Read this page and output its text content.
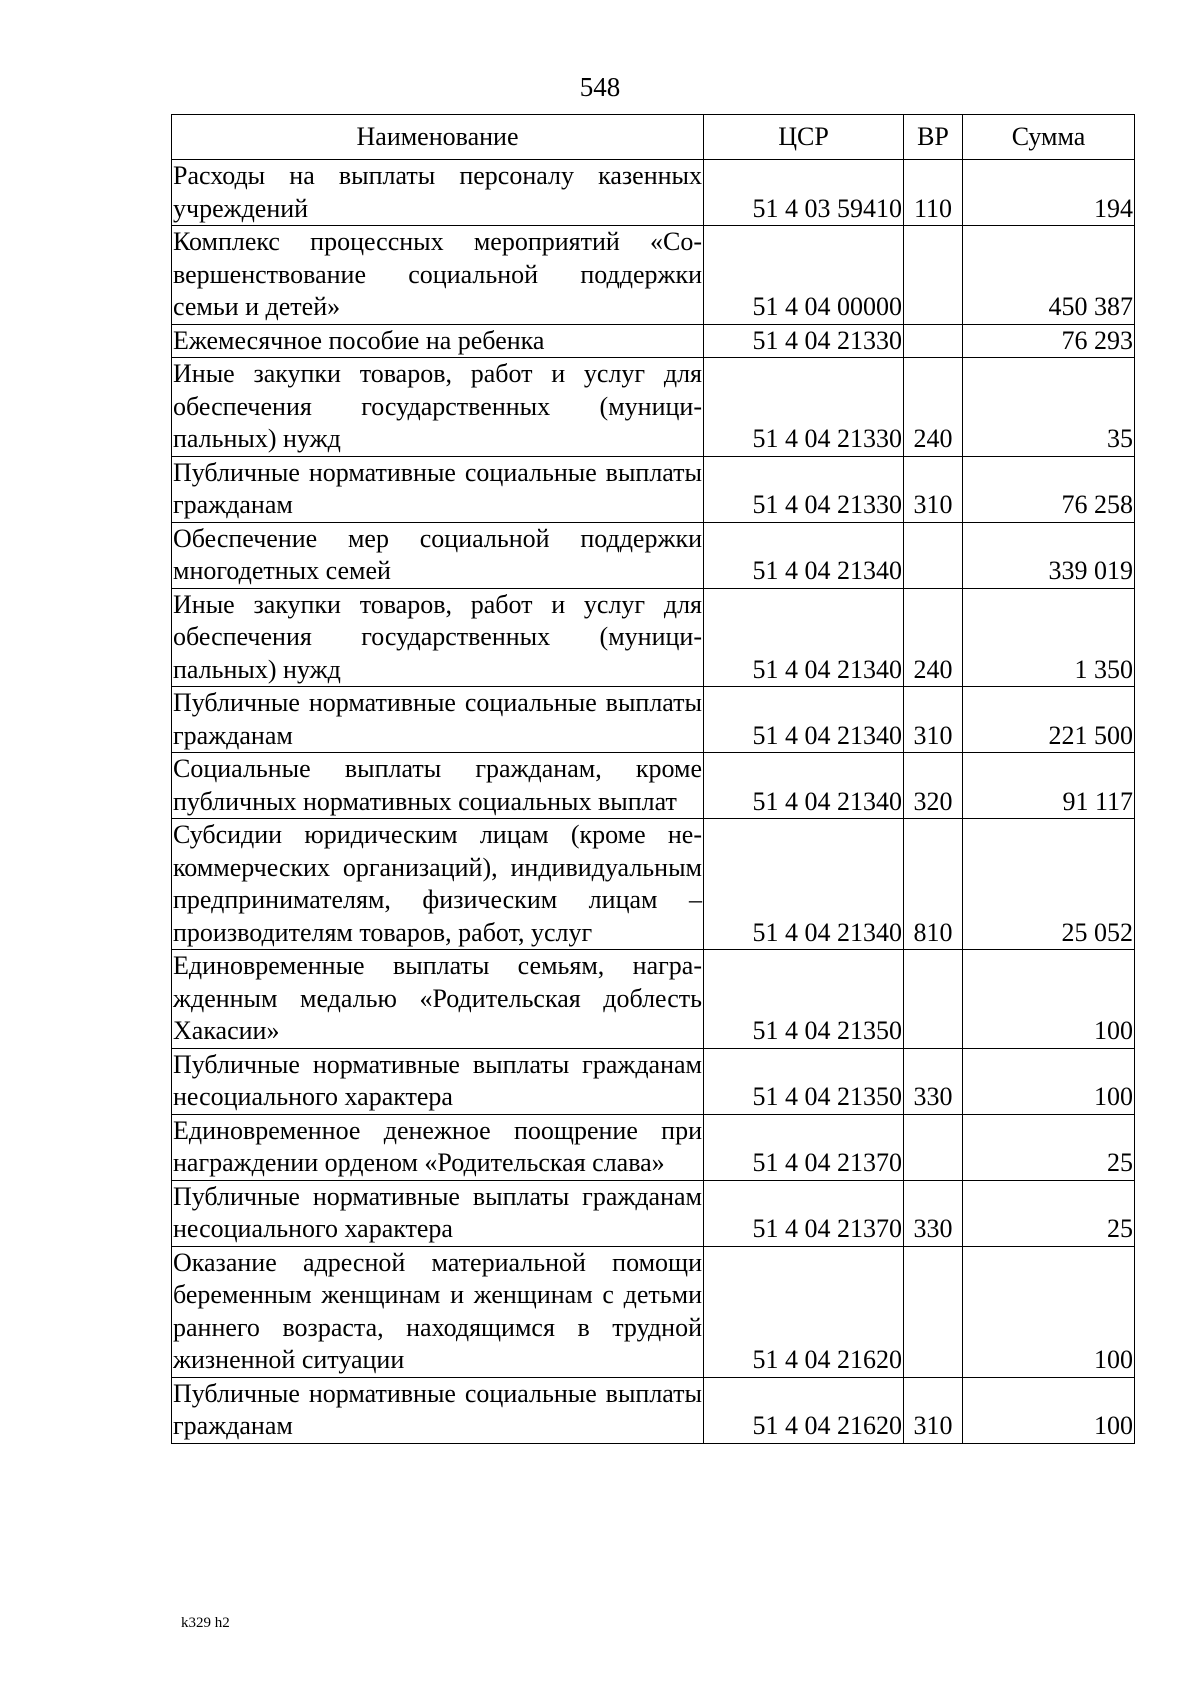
548
Наименование	ЦСР	ВР	Сумма
Расходы на выплаты персоналу казенных учреждений	51 4 03 59410	110	194
Комплекс процессных мероприятий «Совершенствование социальной поддержки семьи и детей»	51 4 04 00000		450 387
Ежемесячное пособие на ребенка	51 4 04 21330		76 293
Иные закупки товаров, работ и услуг для обеспечения государственных (муниципальных) нужд	51 4 04 21330	240	35
Публичные нормативные социальные выплаты гражданам	51 4 04 21330	310	76 258
Обеспечение мер социальной поддержки многодетных семей	51 4 04 21340		339 019
Иные закупки товаров, работ и услуг для обеспечения государственных (муниципальных) нужд	51 4 04 21340	240	1 350
Публичные нормативные социальные выплаты гражданам	51 4 04 21340	310	221 500
Социальные выплаты гражданам, кроме публичных нормативных социальных выплат	51 4 04 21340	320	91 117
Субсидии юридическим лицам (кроме некоммерческих организаций), индивидуальным предпринимателям, физическим лицам – производителям товаров, работ, услуг	51 4 04 21340	810	25 052
Единовременные выплаты семьям, награжденным медалью «Родительская доблесть Хакасии»	51 4 04 21350		100
Публичные нормативные выплаты гражданам несоциального характера	51 4 04 21350	330	100
Единовременное денежное поощрение при награждении орденом «Родительская слава»	51 4 04 21370		25
Публичные нормативные выплаты гражданам несоциального характера	51 4 04 21370	330	25
Оказание адресной материальной помощи беременным женщинам и женщинам с детьми раннего возраста, находящимся в трудной жизненной ситуации	51 4 04 21620		100
Публичные нормативные социальные выплаты гражданам	51 4 04 21620	310	100
k329 h2
